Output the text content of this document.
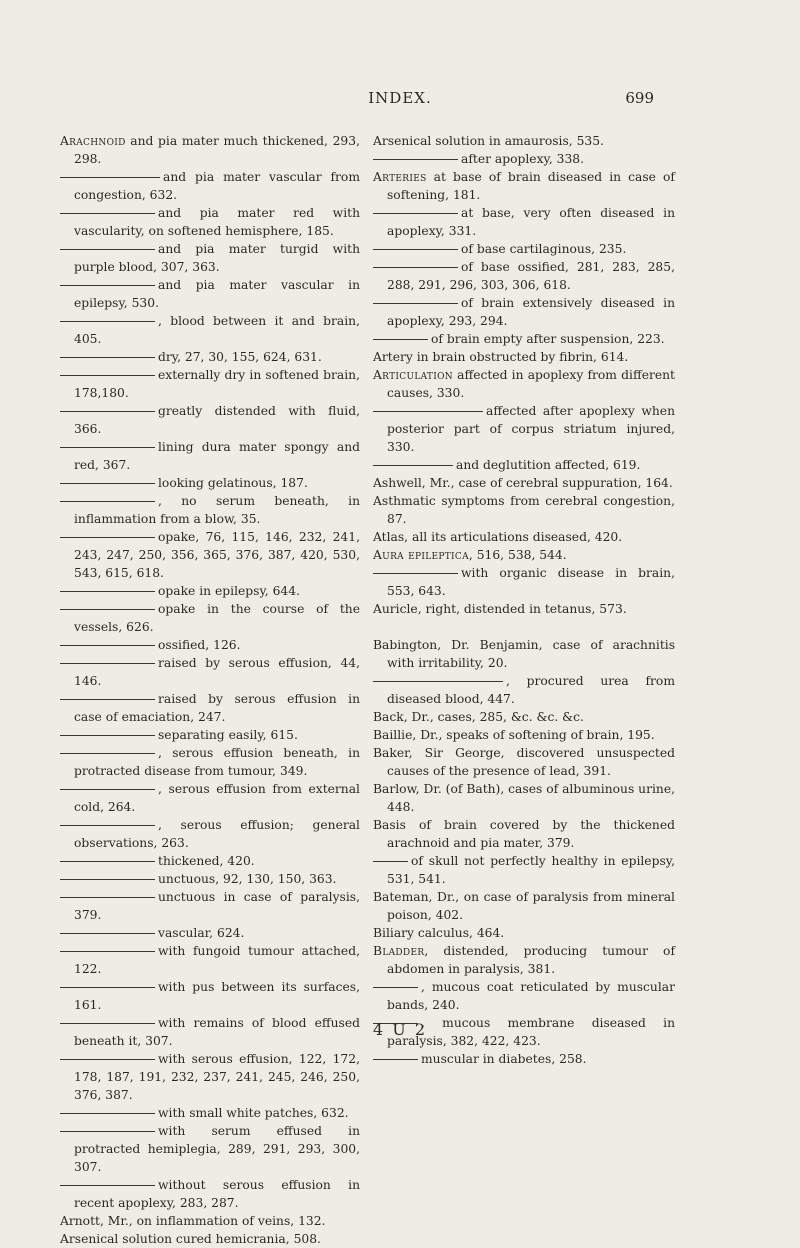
INDEX.	699
Arachnoid and pia mater much thickened, 293, 298.
and pia mater vascular from congestion, 632.
and pia mater red with vascularity, on softened hemisphere, 185.
and pia mater turgid with purple blood, 307, 363.
and pia mater vascular in epilepsy, 530.
, blood between it and brain, 405.
dry, 27, 30, 155, 624, 631.
externally dry in softened brain, 178,180.
greatly distended with fluid, 366.
lining dura mater spongy and red, 367.
looking gelatinous, 187.
, no serum beneath, in inflammation from a blow, 35.
opake, 76, 115, 146, 232, 241, 243, 247, 250, 356, 365, 376, 387, 420, 530, 543, 615, 618.
opake in epilepsy, 644.
opake in the course of the vessels, 626.
ossified, 126.
raised by serous effusion, 44, 146.
raised by serous effusion in case of emaciation, 247.
separating easily, 615.
, serous effusion beneath, in protracted disease from tumour, 349.
, serous effusion from external cold, 264.
, serous effusion; general observations, 263.
thickened, 420.
unctuous, 92, 130, 150, 363.
unctuous in case of paralysis, 379.
vascular, 624.
with fungoid tumour attached, 122.
with pus between its surfaces, 161.
with remains of blood effused beneath it, 307.
with serous effusion, 122, 172, 178, 187, 191, 232, 237, 241, 245, 246, 250, 376, 387.
with small white patches, 632.
with serum effused in protracted hemiplegia, 289, 291, 293, 300, 307.
without serous effusion in recent apoplexy, 283, 287.
Arnott, Mr., on inflammation of veins, 132.
Arsenical solution cured hemicrania, 508.
Arsenical solution in amaurosis, 535.
after apoplexy, 338.
Arteries at base of brain diseased in case of softening, 181.
at base, very often diseased in apoplexy, 331.
of base cartilaginous, 235.
of base ossified, 281, 283, 285, 288, 291, 296, 303, 306, 618.
of brain extensively diseased in apoplexy, 293, 294.
of brain empty after suspension, 223.
Artery in brain obstructed by fibrin, 614.
Articulation affected in apoplexy from different causes, 330.
affected after apoplexy when posterior part of corpus striatum injured, 330.
and deglutition affected, 619.
Ashwell, Mr., case of cerebral suppuration, 164.
Asthmatic symptoms from cerebral congestion, 87.
Atlas, all its articulations diseased, 420.
Aura epileptica, 516, 538, 544.
with organic disease in brain, 553, 643.
Auricle, right, distended in tetanus, 573.
Babington, Dr. Benjamin, case of arachnitis with irritability, 20.
, procured urea from diseased blood, 447.
Back, Dr., cases, 285, &c. &c. &c.
Baillie, Dr., speaks of softening of brain, 195.
Baker, Sir George, discovered unsuspected causes of the presence of lead, 391.
Barlow, Dr. (of Bath), cases of albuminous urine, 448.
Basis of brain covered by the thickened arachnoid and pia mater, 379.
of skull not perfectly healthy in epilepsy, 531, 541.
Bateman, Dr., on case of paralysis from mineral poison, 402.
Biliary calculus, 464.
Bladder, distended, producing tumour of abdomen in paralysis, 381.
, mucous coat reticulated by muscular bands, 240.
, mucous membrane diseased in paralysis, 382, 422, 423.
muscular in diabetes, 258.
4 U 2
